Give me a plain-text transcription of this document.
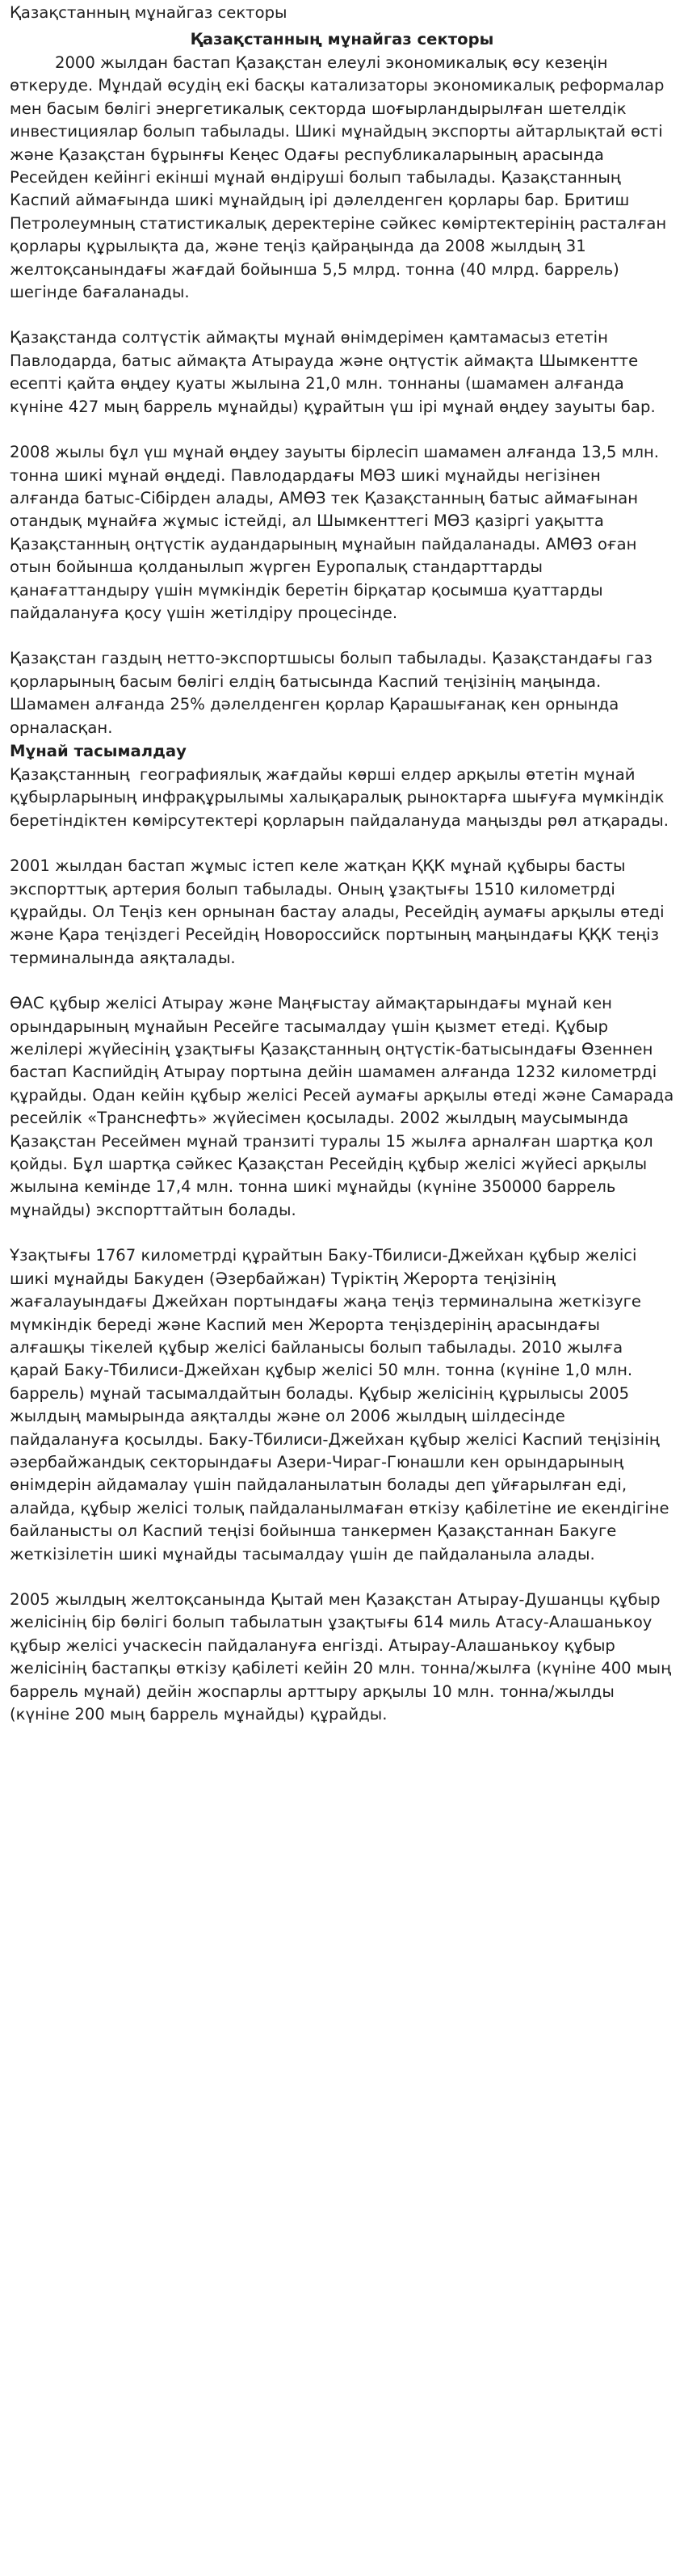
Қазақстанның мұнайгаз секторы
Қазақстанның мұнайгаз секторы

2000 жылдан бастап Қазақстан елеулі экономикалық өсу кезеңін өткеруде. Мұндай өсудің екі басқы катализаторы экономикалық реформалар мен басым бөлігі энергетикалық секторда шоғырландырылған шетелдік инвестициялар болып табылады. Шикі мұнайдың экспорты айтарлықтай өсті және Қазақстан бұрынғы Кеңес Одағы республикаларының арасында Ресейден кейінгі екінші мұнай өндіруші болып табылады. Қазақстанның Каспий аймағында шикі мұнайдың ірі дәлелденген қорлары бар. Бритиш Петролеумның статистикалық деректеріне сәйкес көміртектерінің расталған қорлары құрылықта да, және теңіз қайраңында да 2008 жылдың 31 желтоқсанындағы жағдай бойынша 5,5 млрд. тонна (40 млрд. баррель) шегінде бағаланады.

Қазақстанда солтүстік аймақты мұнай өнімдерімен қамтамасыз ететін Павлодарда, батыс аймақта Атырауда және оңтүстік аймақта Шымкентте есепті қайта өңдеу қуаты жылына 21,0 млн. тоннаны (шамамен алғанда күніне 427 мың баррель мұнайды) құрайтын үш ірі мұнай өңдеу зауыты бар.

2008 жылы бұл үш мұнай өңдеу зауыты бірлесіп шамамен алғанда 13,5 млн. тонна шикі мұнай өңдеді. Павлодардағы МӨЗ шикі мұнайды негізінен алғанда батыс-Сібірден алады, АМӨЗ тек Қазақстанның батыс аймағынан отандық мұнайға жұмыс істейді, ал Шымкенттегі МӨЗ қазіргі уақытта Қазақстанның оңтүстік аудандарының мұнайын пайдаланады. АМӨЗ оған отын бойынша қолданылып жүрген Еуропалық стандарттарды қанағаттандыру үшін мүмкіндік беретін бірқатар қосымша қуаттарды пайдалануға қосу үшін жетілдіру процесінде.

Қазақстан газдың нетто-экспортшысы болып табылады. Қазақстандағы газ қорларының басым бөлігі елдің батысында Каспий теңізінің маңында. Шамамен алғанда 25% дәлелденген қорлар Қарашығанақ кен орнында орналасқан.

Мұнай тасымалдау

Қазақстанның  географиялық жағдайы көрші елдер арқылы өтетін мұнай құбырларының инфрақұрылымы халықаралық рыноктарға шығуға мүмкіндік беретіндіктен көмірсутектері қорларын пайдалануда маңызды рөл атқарады.

2001 жылдан бастап жұмыс істеп келе жатқан ҚҚК мұнай құбыры басты экспорттық артерия болып табылады. Оның ұзақтығы 1510 километрді құрайды. Ол Теңіз кен орнынан бастау алады, Ресейдің аумағы арқылы өтеді және Қара теңіздегі Ресейдің Новороссийск портының маңындағы ҚҚК теңіз терминалында аяқталады.

ӨАС құбыр желісі Атырау және Маңғыстау аймақтарындағы мұнай кен орындарының мұнайын Ресейге тасымалдау үшін қызмет етеді. Құбыр желілері жүйесінің ұзақтығы Қазақстанның оңтүстік-батысындағы Өзеннен бастап Каспийдің Атырау портына дейін шамамен алғанда 1232 километрді құрайды. Одан кейін құбыр желісі Ресей аумағы арқылы өтеді және Самарада ресейлік «Транснефть» жүйесімен қосылады. 2002 жылдың маусымында Қазақстан Ресеймен мұнай транзиті туралы 15 жылға арналған шартқа қол қойды. Бұл шартқа сәйкес Қазақстан Ресейдің құбыр желісі жүйесі арқылы жылына кемінде 17,4 млн. тонна шикі мұнайды (күніне 350000 баррель мұнайды) экспорттайтын болады.

Ұзақтығы 1767 километрді құрайтын Баку-Тбилиси-Джейхан құбыр желісі шикі мұнайды Бакуден (Әзербайжан) Түріктің Жерорта теңізінің жағалауындағы Джейхан портындағы жаңа теңіз терминалына жеткізуге мүмкіндік береді және Каспий мен Жерорта теңіздерінің арасындағы алғашқы тікелей құбыр желісі байланысы болып табылады. 2010 жылға қарай Баку-Тбилиси-Джейхан құбыр желісі 50 млн. тонна (күніне 1,0 млн. баррель) мұнай тасымалдайтын болады. Құбыр желісінің құрылысы 2005 жылдың мамырында аяқталды және ол 2006 жылдың шілдесінде пайдалануға қосылды. Баку-Тбилиси-Джейхан құбыр желісі Каспий теңізінің әзербайжандық секторындағы Азери-Чираг-Гюнашли кен орындарының өнімдерін айдамалау үшін пайдаланылатын болады деп ұйғарылған еді, алайда, құбыр желісі толық пайдаланылмаған өткізу қабілетіне ие екендігіне байланысты ол Каспий теңізі бойынша танкермен Қазақстаннан Бакуге жеткізілетін шикі мұнайды тасымалдау үшін де пайдаланыла алады.

2005 жылдың желтоқсанында Қытай мен Қазақстан Атырау-Душанцы құбыр желісінің бір бөлігі болып табылатын ұзақтығы 614 миль Атасу-Алашанькоу құбыр желісі учаскесін пайдалануға енгізді. Атырау-Алашанькоу құбыр желісінің бастапқы өткізу қабілеті кейін 20 млн. тонна/жылға (күніне 400 мың баррель мұнай) дейін жоспарлы арттыру арқылы 10 млн. тонна/жылды (күніне 200 мың баррель мұнайды) құрайды.
